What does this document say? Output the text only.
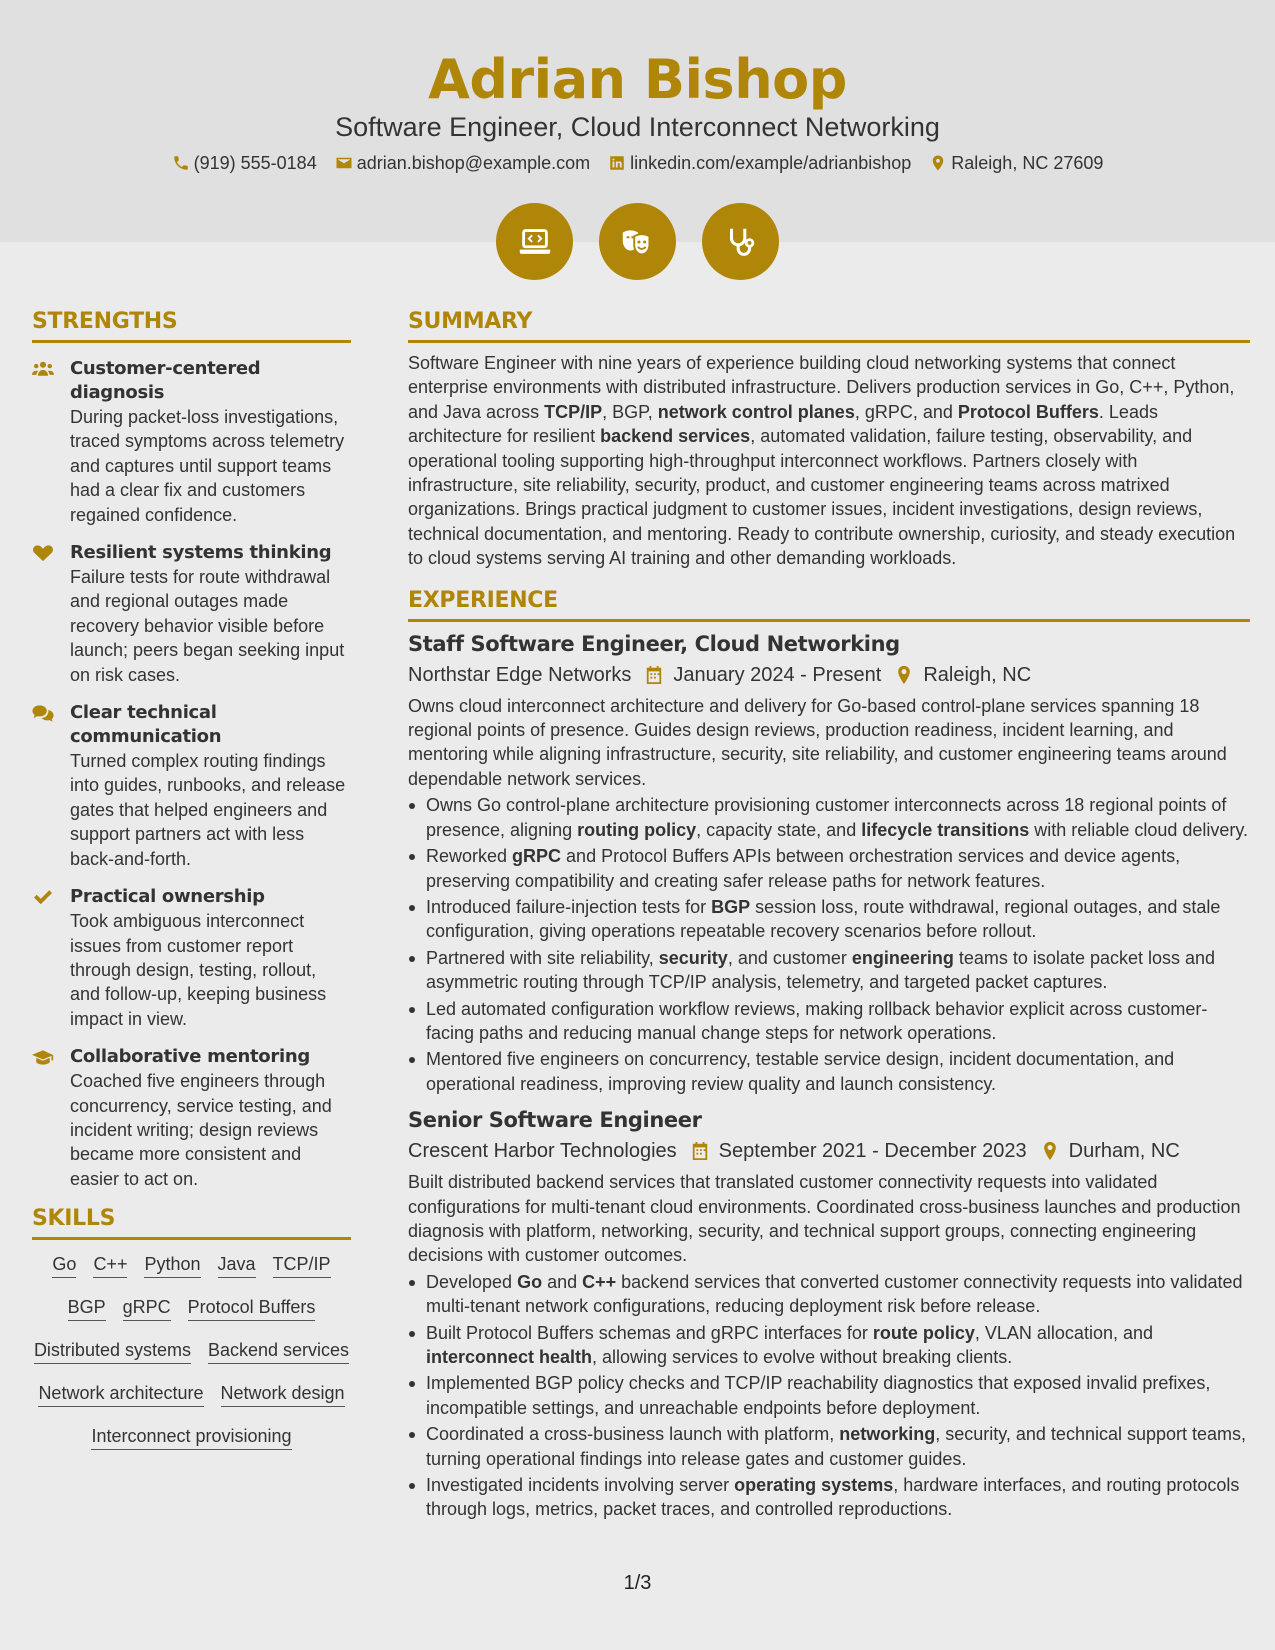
Adrian Bishop
Software Engineer, Cloud Interconnect Networking
(919) 555-0184 adrian.bishop@example.com linkedin.com/example/adrianbishop Raleigh, NC 27609
STRENGTHS
Customer-centered diagnosis
During packet-loss investigations, traced symptoms across telemetry and captures until support teams had a clear fix and customers regained confidence.
Resilient systems thinking
Failure tests for route withdrawal and regional outages made recovery behavior visible before launch; peers began seeking input on risk cases.
Clear technical communication
Turned complex routing findings into guides, runbooks, and release gates that helped engineers and support partners act with less back-and-forth.
Practical ownership
Took ambiguous interconnect issues from customer report through design, testing, rollout, and follow-up, keeping business impact in view.
Collaborative mentoring
Coached five engineers through concurrency, service testing, and incident writing; design reviews became more consistent and easier to act on.
SKILLS
Go C++ Python Java TCP/IP
BGP gRPC Protocol Buffers
Distributed systems Backend services
Network architecture Network design
Interconnect provisioning
SUMMARY
Software Engineer with nine years of experience building cloud networking systems that connect enterprise environments with distributed infrastructure. Delivers production services in Go, C++, Python, and Java across TCP/IP, BGP, network control planes, gRPC, and Protocol Buffers. Leads architecture for resilient backend services, automated validation, failure testing, observability, and operational tooling supporting high-throughput interconnect workflows. Partners closely with infrastructure, site reliability, security, product, and customer engineering teams across matrixed organizations. Brings practical judgment to customer issues, incident investigations, design reviews, technical documentation, and mentoring. Ready to contribute ownership, curiosity, and steady execution to cloud systems serving AI training and other demanding workloads.
EXPERIENCE
Staff Software Engineer, Cloud Networking
Northstar Edge Networks January 2024 - Present Raleigh, NC
Owns cloud interconnect architecture and delivery for Go-based control-plane services spanning 18 regional points of presence. Guides design reviews, production readiness, incident learning, and mentoring while aligning infrastructure, security, site reliability, and customer engineering teams around dependable network services.
Owns Go control-plane architecture provisioning customer interconnects across 18 regional points of presence, aligning routing policy, capacity state, and lifecycle transitions with reliable cloud delivery.
Reworked gRPC and Protocol Buffers APIs between orchestration services and device agents, preserving compatibility and creating safer release paths for network features.
Introduced failure-injection tests for BGP session loss, route withdrawal, regional outages, and stale configuration, giving operations repeatable recovery scenarios before rollout.
Partnered with site reliability, security, and customer engineering teams to isolate packet loss and asymmetric routing through TCP/IP analysis, telemetry, and targeted packet captures.
Led automated configuration workflow reviews, making rollback behavior explicit across customer-facing paths and reducing manual change steps for network operations.
Mentored five engineers on concurrency, testable service design, incident documentation, and operational readiness, improving review quality and launch consistency.
Senior Software Engineer
Crescent Harbor Technologies September 2021 - December 2023 Durham, NC
Built distributed backend services that translated customer connectivity requests into validated configurations for multi-tenant cloud environments. Coordinated cross-business launches and production diagnosis with platform, networking, security, and technical support groups, connecting engineering decisions with customer outcomes.
Developed Go and C++ backend services that converted customer connectivity requests into validated multi-tenant network configurations, reducing deployment risk before release.
Built Protocol Buffers schemas and gRPC interfaces for route policy, VLAN allocation, and interconnect health, allowing services to evolve without breaking clients.
Implemented BGP policy checks and TCP/IP reachability diagnostics that exposed invalid prefixes, incompatible settings, and unreachable endpoints before deployment.
Coordinated a cross-business launch with platform, networking, security, and technical support teams, turning operational findings into release gates and customer guides.
Investigated incidents involving server operating systems, hardware interfaces, and routing protocols through logs, metrics, packet traces, and controlled reproductions.
1/3
